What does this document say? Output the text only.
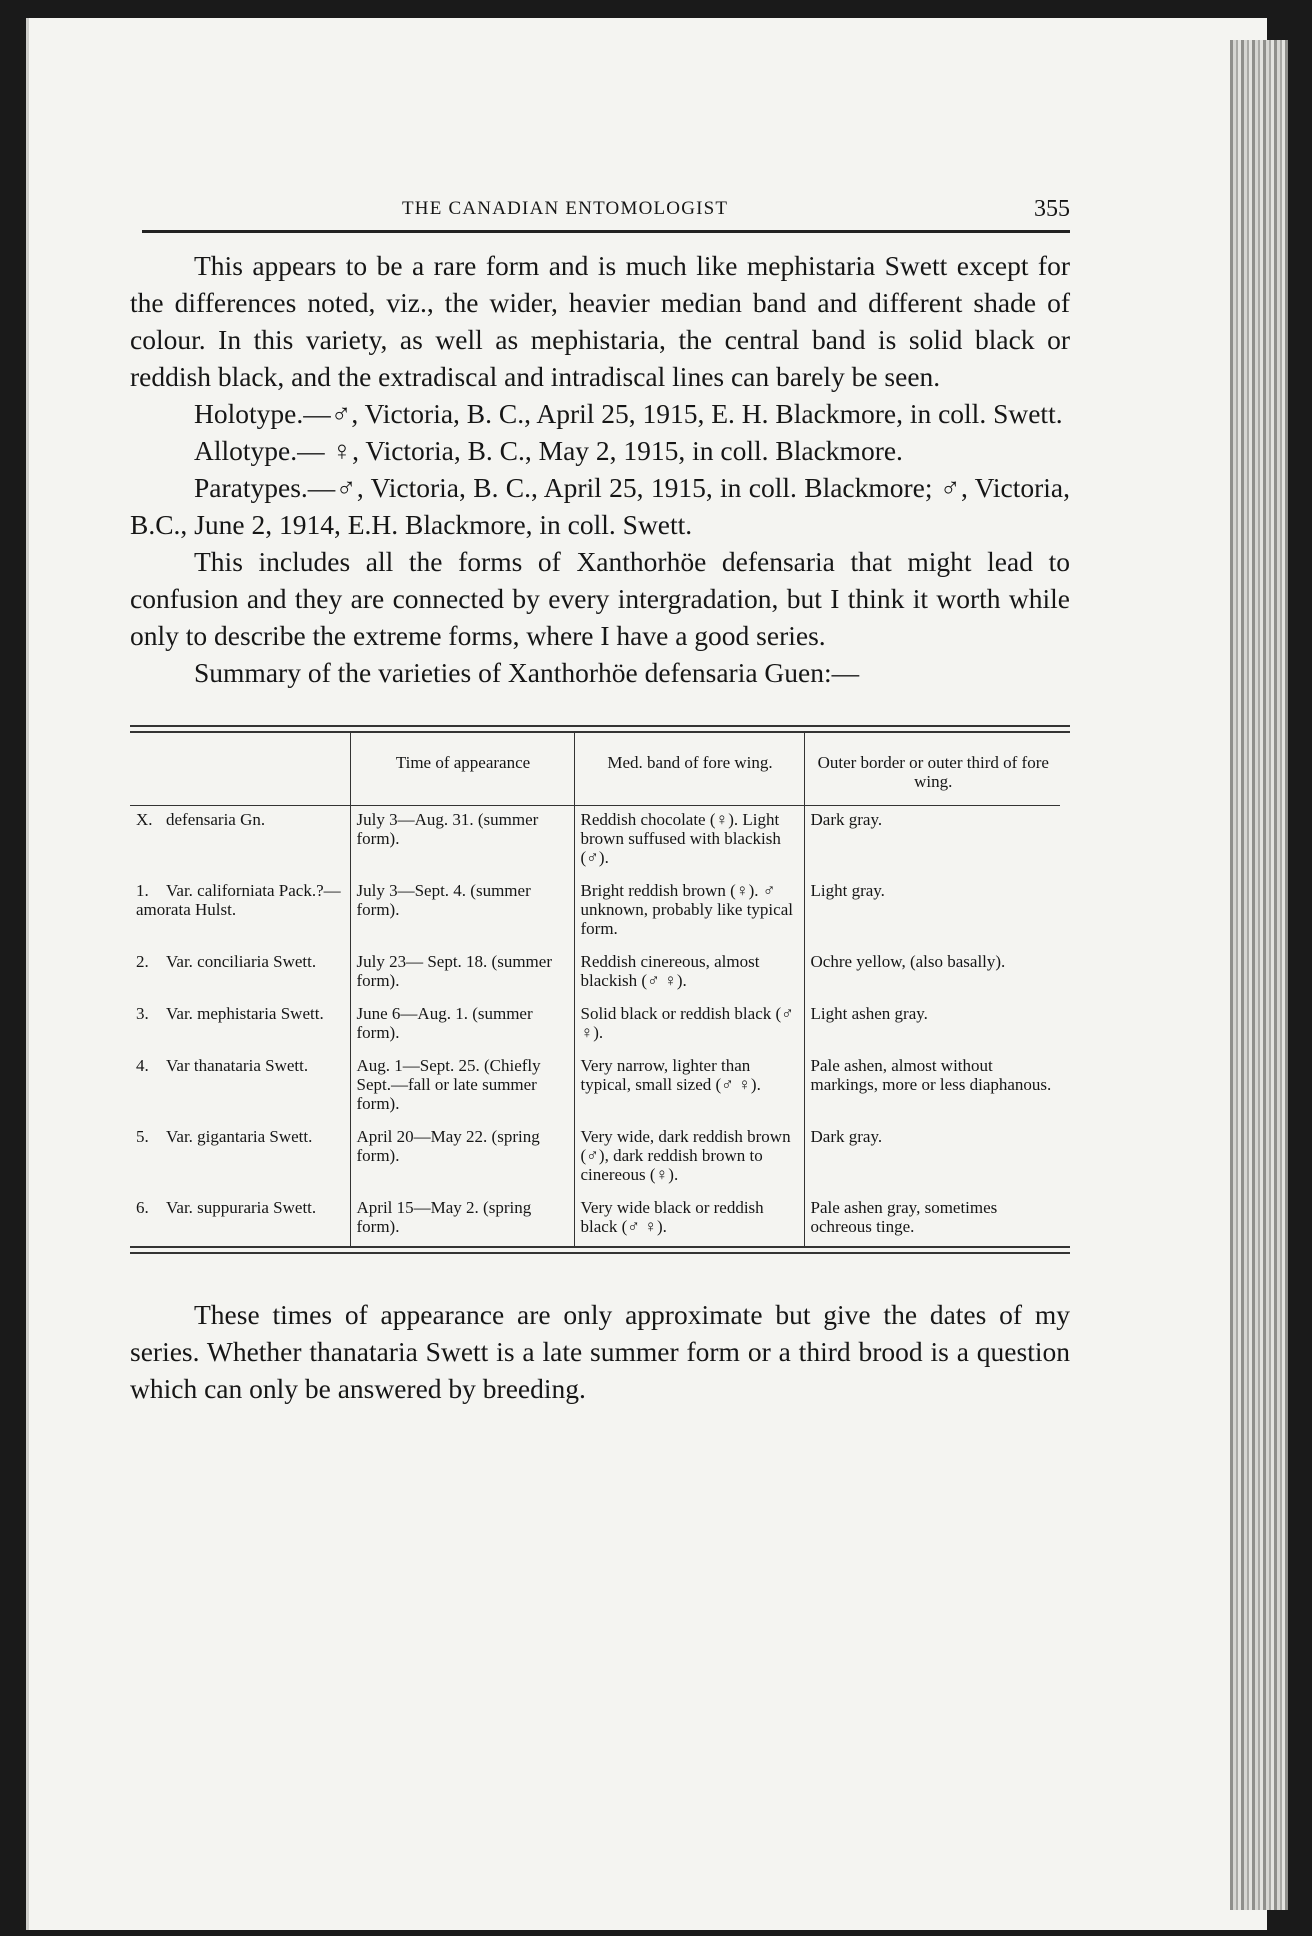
THE CANADIAN ENTOMOLOGIST	355

This appears to be a rare form and is much like mephistaria Swett except for the differences noted, viz., the wider, heavier median band and different shade of colour. In this variety, as well as mephistaria, the central band is solid black or reddish black, and the extradiscal and intradiscal lines can barely be seen.

Holotype.—♂, Victoria, B. C., April 25, 1915, E. H. Blackmore, in coll. Swett.

Allotype.— ♀, Victoria, B. C., May 2, 1915, in coll. Blackmore.

Paratypes.—♂, Victoria, B. C., April 25, 1915, in coll. Blackmore; ♂, Victoria, B.C., June 2, 1914, E.H. Blackmore, in coll. Swett.

This includes all the forms of Xanthorhöe defensaria that might lead to confusion and they are connected by every intergradation, but I think it worth while only to describe the extreme forms, where I have a good series.

Summary of the varieties of Xanthorhöe defensaria Guen:—

	Time of appearance	Med. band of fore wing.	Outer border or outer third of fore wing.
X. defensaria Gn.	July 3—Aug. 31. (summer form).	Reddish chocolate (♀). Light brown suffused with blackish (♂).	Dark gray.
1. Var. californiata Pack.?—amorata Hulst.	July 3—Sept. 4. (summer form).	Bright reddish brown (♀). ♂ unknown, probably like typical form.	Light gray.
2. Var. conciliaria Swett.	July 23— Sept. 18. (summer form).	Reddish cinereous, almost blackish (♂ ♀).	Ochre yellow, (also basally).
3. Var. mephistaria Swett.	June 6—Aug. 1. (summer form).	Solid black or reddish black (♂ ♀).	Light ashen gray.
4. Var thanataria Swett.	Aug. 1—Sept. 25. (Chiefly Sept.—fall or late summer form).	Very narrow, lighter than typical, small sized (♂ ♀).	Pale ashen, almost without markings, more or less diaphanous.
5. Var. gigantaria Swett.	April 20—May 22. (spring form).	Very wide, dark reddish brown (♂), dark reddish brown to cinereous (♀).	Dark gray.
6. Var. suppuraria Swett.	April 15—May 2. (spring form).	Very wide black or reddish black (♂ ♀).	Pale ashen gray, sometimes ochreous tinge.

These times of appearance are only approximate but give the dates of my series. Whether thanataria Swett is a late summer form or a third brood is a question which can only be answered by breeding.
